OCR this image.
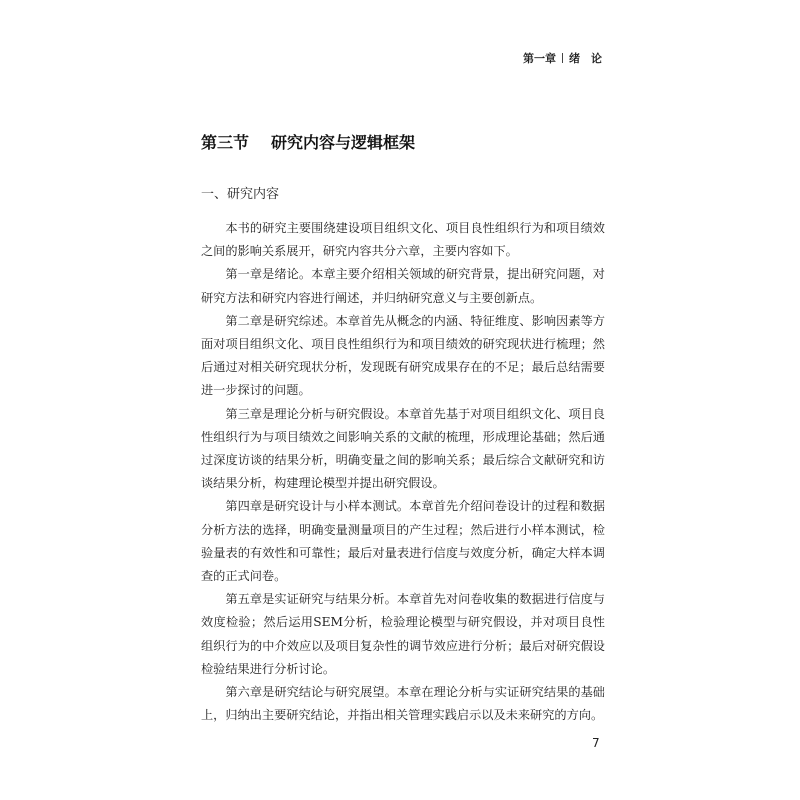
第一章 绪　论
第三节 研究内容与逻辑框架
一、研究内容

本书的研究主要围绕建设项目组织文化、项目良性组织行为和项目绩效之间的影响关系展开，研究内容共分六章，主要内容如下。

第一章是绪论。本章主要介绍相关领域的研究背景，提出研究问题，对研究方法和研究内容进行阐述，并归纳研究意义与主要创新点。

第二章是研究综述。本章首先从概念的内涵、特征维度、影响因素等方面对项目组织文化、项目良性组织行为和项目绩效的研究现状进行梳理；然后通过对相关研究现状分析，发现既有研究成果存在的不足；最后总结需要进一步探讨的问题。

第三章是理论分析与研究假设。本章首先基于对项目组织文化、项目良性组织行为与项目绩效之间影响关系的文献的梳理，形成理论基础；然后通过深度访谈的结果分析，明确变量之间的影响关系；最后综合文献研究和访谈结果分析，构建理论模型并提出研究假设。

第四章是研究设计与小样本测试。本章首先介绍问卷设计的过程和数据分析方法的选择，明确变量测量项目的产生过程；然后进行小样本测试，检验量表的有效性和可靠性；最后对量表进行信度与效度分析，确定大样本调查的正式问卷。

第五章是实证研究与结果分析。本章首先对问卷收集的数据进行信度与效度检验；然后运用SEM分析，检验理论模型与研究假设，并对项目良性组织行为的中介效应以及项目复杂性的调节效应进行分析；最后对研究假设检验结果进行分析讨论。

第六章是研究结论与研究展望。本章在理论分析与实证研究结果的基础上，归纳出主要研究结论，并指出相关管理实践启示以及未来研究的方向。

7
